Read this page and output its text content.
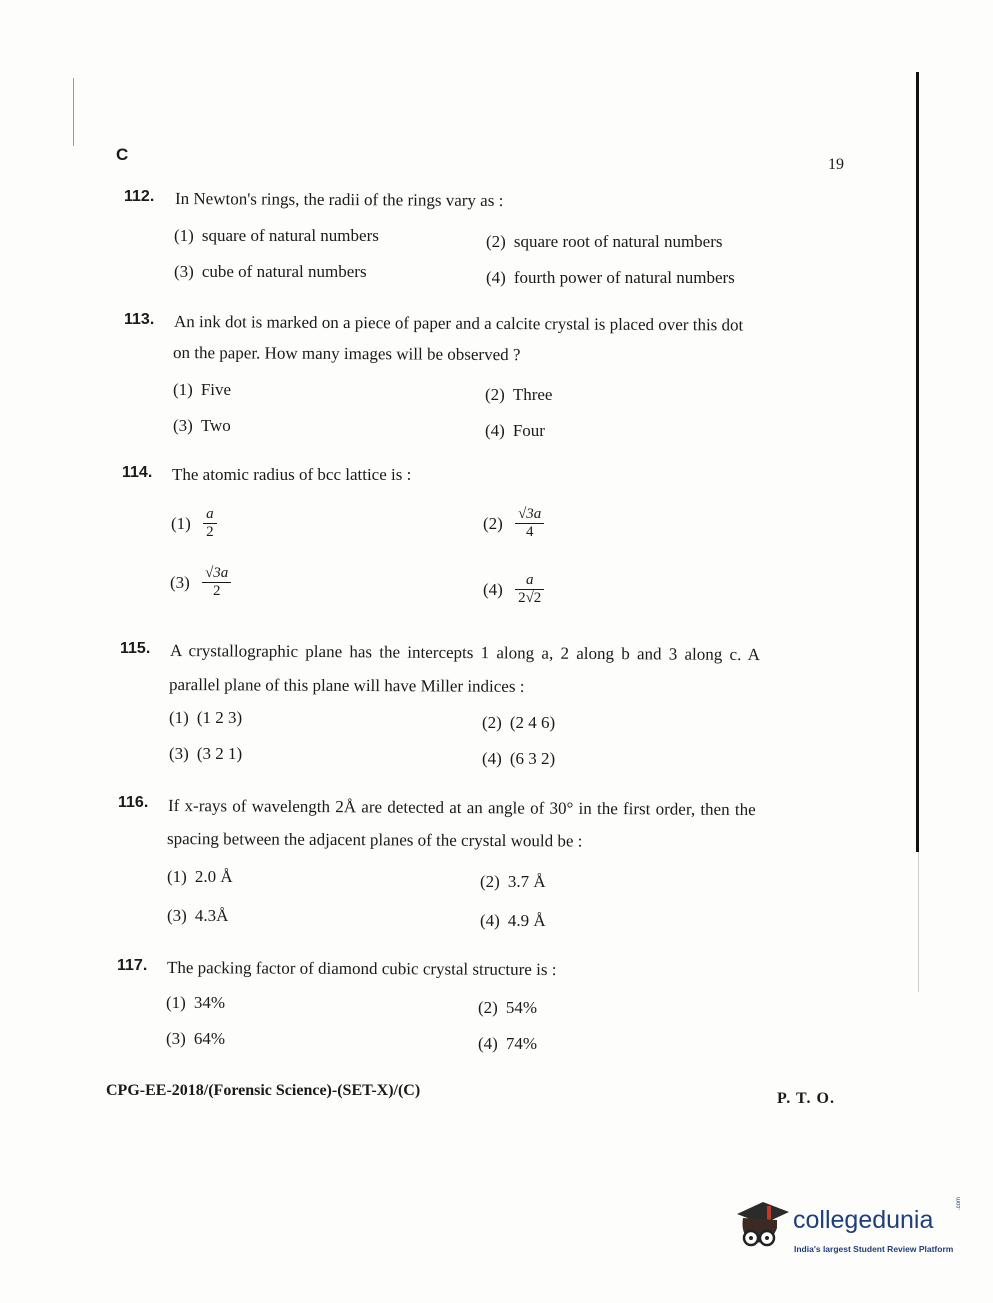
C
19
112. In Newton's rings, the radii of the rings vary as :
(1) square of natural numbers	(2) square root of natural numbers
(3) cube of natural numbers	(4) fourth power of natural numbers
113. An ink dot is marked on a piece of paper and a calcite crystal is placed over this dot
on the paper. How many images will be observed ?
(1) Five	(2) Three
(3) Two	(4) Four
114. The atomic radius of bcc lattice is :
$(1) \frac{a}{2}$	$(2) \frac{√3a}{4}$
$(3) \frac{√3a}{2}$	$(4) \frac{a}{2√2}$
115. A crystallographic plane has the intercepts 1 along a, 2 along b and 3 along c. A
parallel plane of this plane will have Miller indices :
(1) (1 2 3)	(2) (2 4 6)
(3) (3 2 1)	(4) (6 3 2)
116. If x-rays of wavelength 2Å are detected at an angle of 30° in the first order, then the
spacing between the adjacent planes of the crystal would be :
(1) 2.0 Å	(2) 3.7 Å
(3) 4.3Å	(4) 4.9 Å
117. The packing factor of diamond cubic crystal structure is :
(1) 34%	(2) 54%
(3) 64%	(4) 74%
CPG-EE-2018/(Forensic Science)-(SET-X)/(C)	P. T. O.
collegedunia
.com
India's largest Student Review Platform
